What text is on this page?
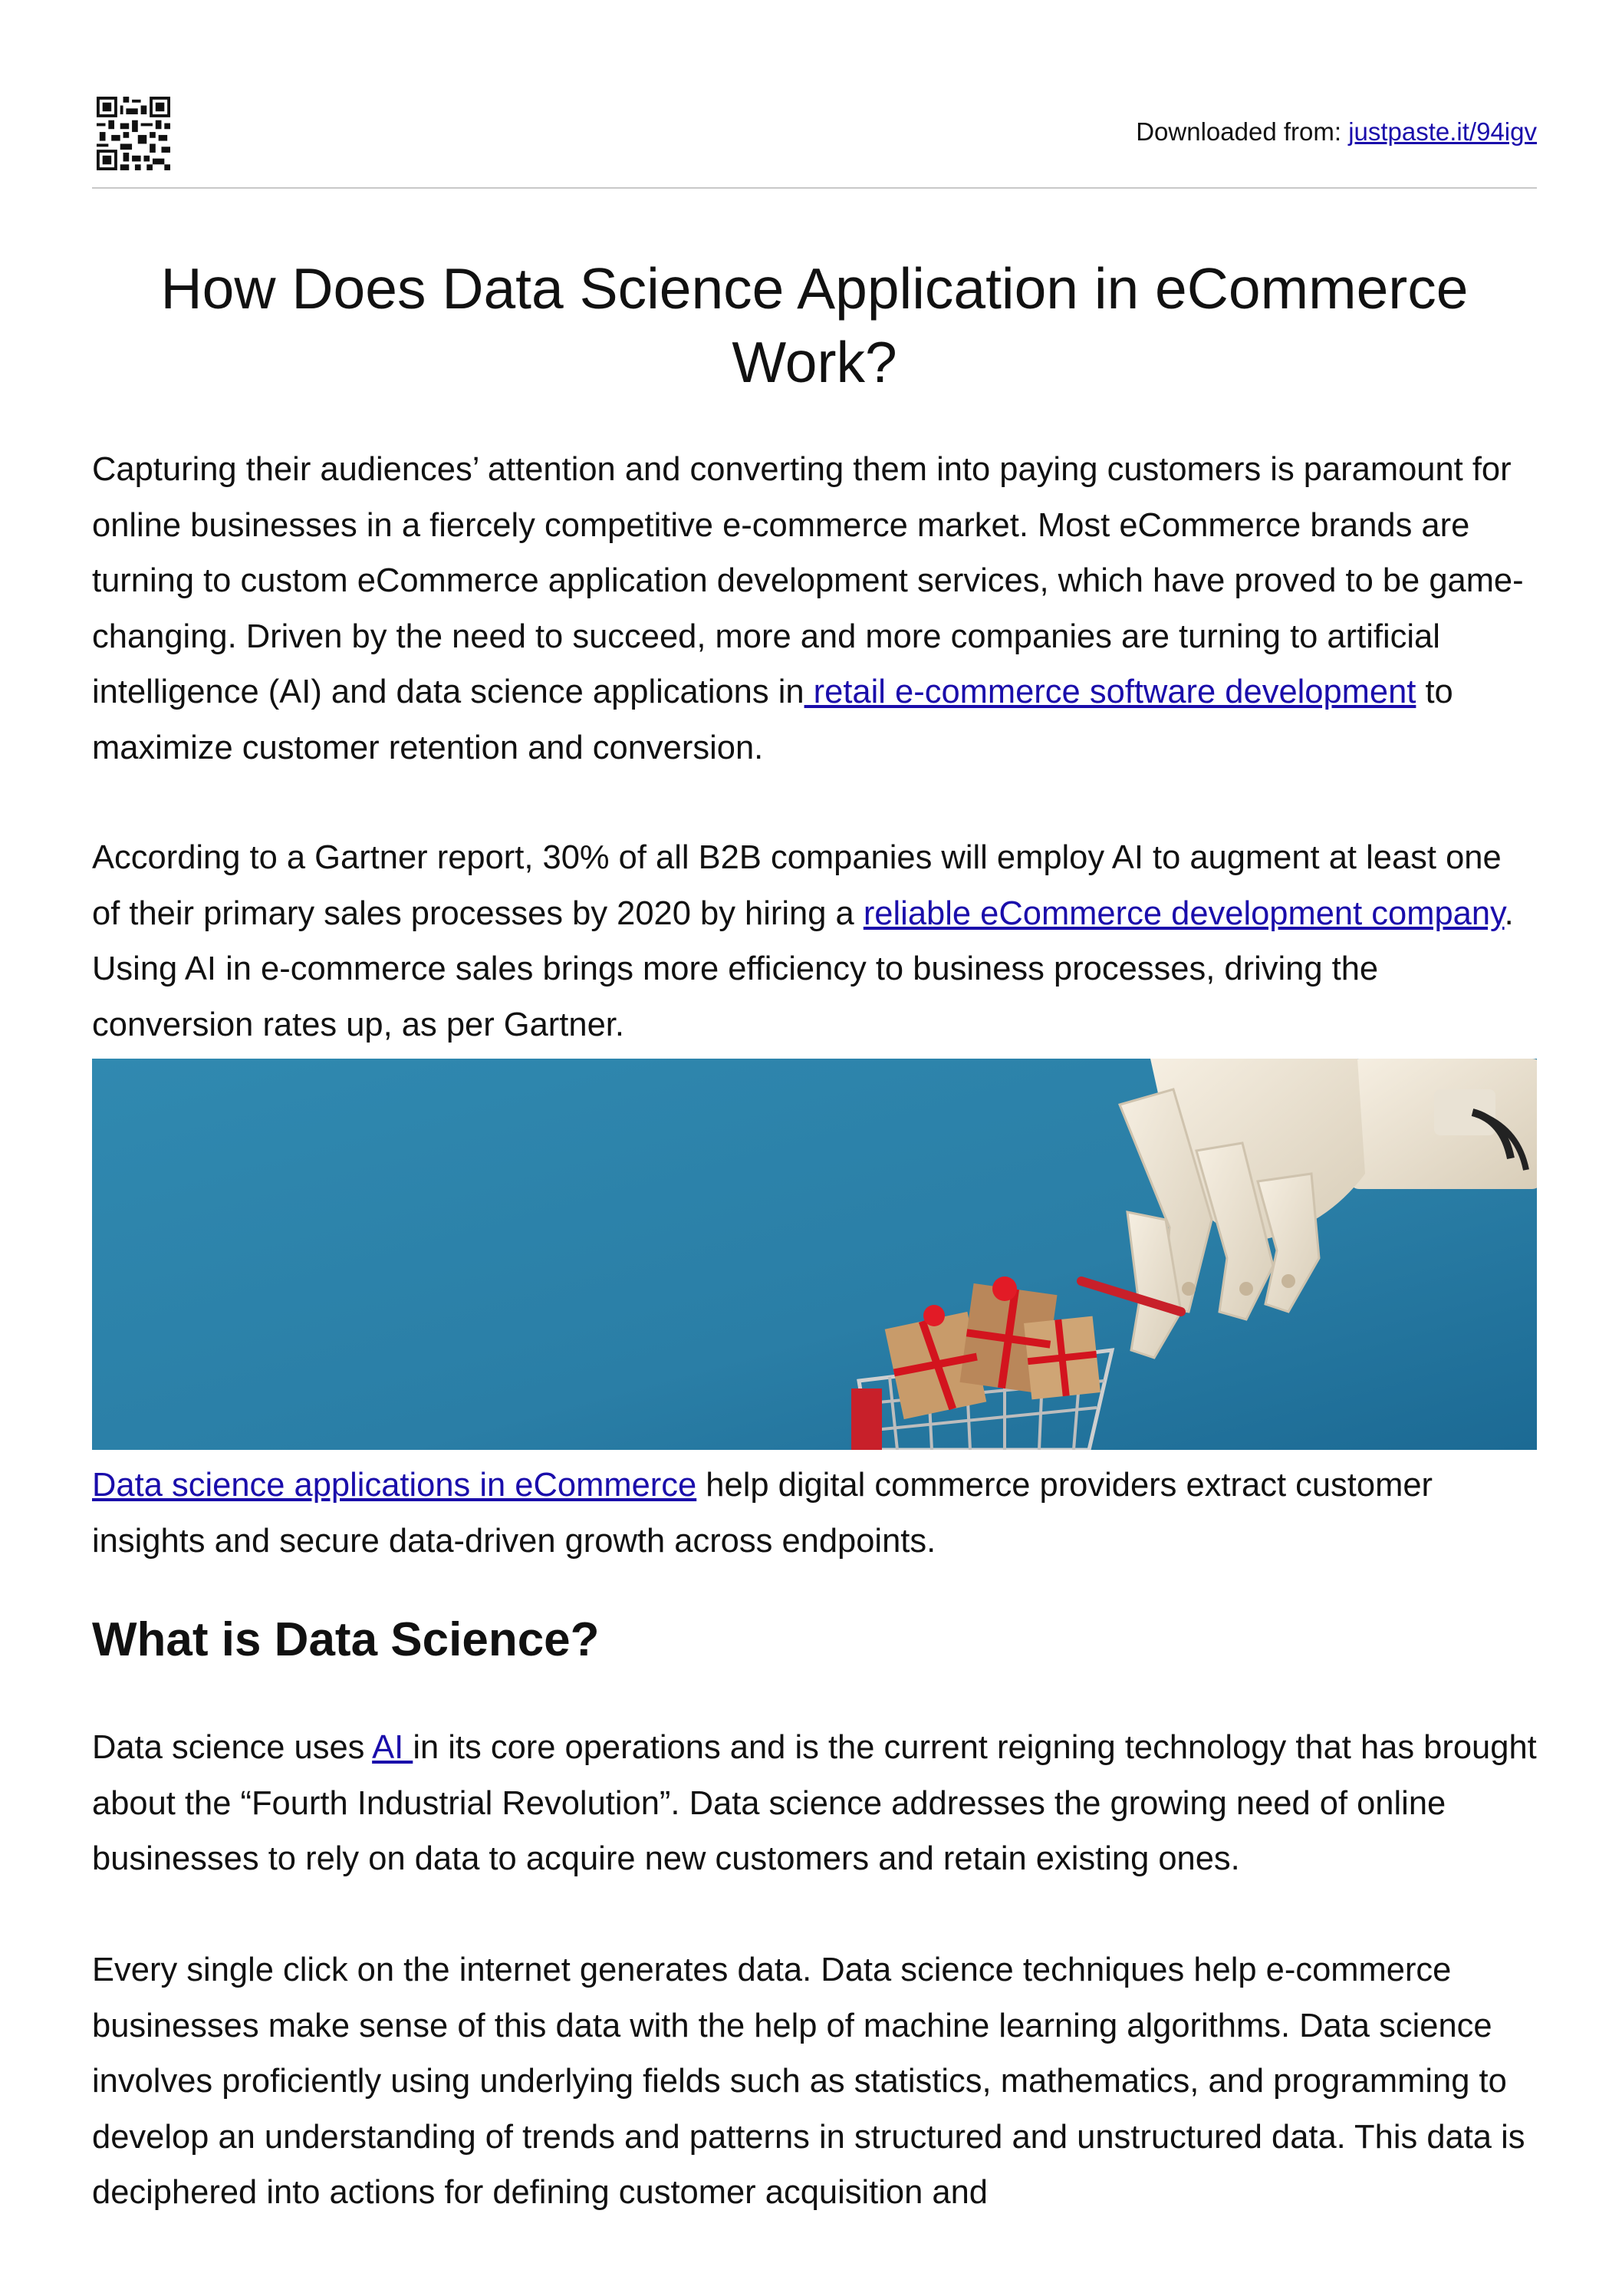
Downloaded from: justpaste.it/94igv
How Does Data Science Application in eCommerce Work?

Capturing their audiences’ attention and converting them into paying customers is paramount for online businesses in a fiercely competitive e-commerce market. Most eCommerce brands are turning to custom eCommerce application development services, which have proved to be game-changing. Driven by the need to succeed, more and more companies are turning to artificial intelligence (AI) and data science applications in retail e-commerce software development to maximize customer retention and conversion.

According to a Gartner report, 30% of all B2B companies will employ AI to augment at least one of their primary sales processes by 2020 by hiring a reliable eCommerce development company. Using AI in e-commerce sales brings more efficiency to business processes, driving the conversion rates up, as per Gartner.

Data science applications in eCommerce help digital commerce providers extract customer insights and secure data-driven growth across endpoints.

What is Data Science?

Data science uses AI in its core operations and is the current reigning technology that has brought about the “Fourth Industrial Revolution”. Data science addresses the growing need of online businesses to rely on data to acquire new customers and retain existing ones.

Every single click on the internet generates data. Data science techniques help e-commerce businesses make sense of this data with the help of machine learning algorithms. Data science involves proficiently using underlying fields such as statistics, mathematics, and programming to develop an understanding of trends and patterns in structured and unstructured data. This data is deciphered into actions for defining customer acquisition and
